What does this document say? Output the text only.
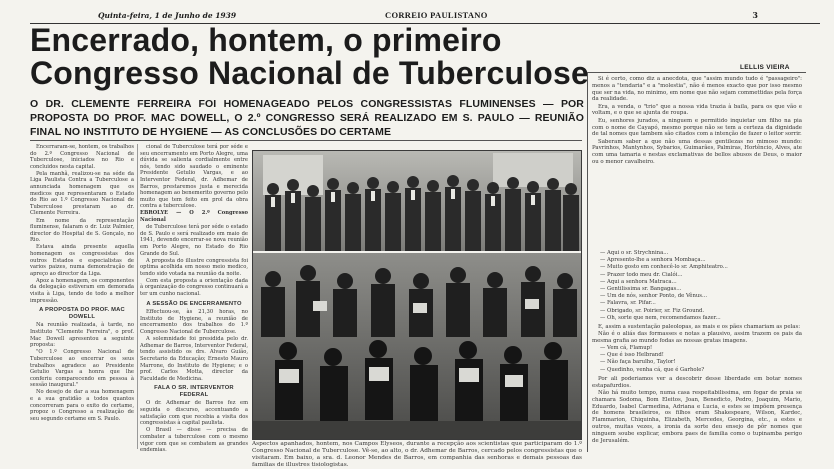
Quinta-feira, 1 de Junho de 1939	CORREIO PAULISTANO	3
Encerrado, hontem, o primeiro Congresso Nacional de Tuberculose
O DR. CLEMENTE FERREIRA FOI HOMENAGEADO PELOS CONGRESSISTAS FLUMINENSES — POR PROPOSTA DO PROF. MAC DOWELL, O 2.º CONGRESSO SERÁ REALIZADO EM S. PAULO — REUNIÃO FINAL NO INSTITUTO DE HYGIENE — AS CONCLUSÕES DO CERTAME

Encerraram-se, hontem, os trabalhos do 2.º Congresso Nacional de Tuberculose, iniciados no Rio e concluidos nesta capital.

Pela manhã, realizou-se na séde da Liga Paulista Contra a Tuberculose a annunciada homenagem que os medicos que representaram o Estado do Rio ao 1.º Congresso Nacional de Tuberculose prestaram ao dr. Clemente Ferreira.

Em nome da representação fluminense, falaram o dr. Luiz Palmier, director do Hospital de S. Gonçalo, no Rio.

Estava ainda presente aquella homenagem os congressistas dos outros Estados e especialistas de varios paizes, numa demonstração de apreço ao director da Liga.

Apoz a homenagem, os componentes da delegação estiveram em demorada visita à Liga, tendo de todo a melhor impressão.

A PROPOSTA DO PROF. MAC DOWELL

Na reunião realizada, à tarde, no Instituto "Clemente Ferreira", o prof. Mac Dowell apresentou a seguinte proposta:

"O 1.º Congresso Nacional de Tuberculose ao encerrar os seus trabalhos agradece ao Presidente Getulio Vargas a honra que lhe conferiu comparecendo em pessoa à sessão inaugural."

No desejo de dar a sua homenagem e a sua gratidão a todos quantos concorreram para o exito do certame, propoz o Congresso a realização de seu segundo certame em S. Paulo.

cional de Tuberculose terá por séde e seu encerramento em Porto Alegre, uma dúvida se salienta cordialmente entre nós, tendo sido saudado o eminente Presidente Getulio Vargas, e ao Interventor Federal, dr. Adhemar de Barros, prestaremos justa e merecida homenagem ao benemerito governo pelo muito que tem feito em prol da obra contra a tuberculose.

EBROLYE — O 2.º Congresso Nacional

de Tuberculose terá por séde o estado de S. Paulo e será realizado em maio de 1941, devendo encerrar-se nova reunião em Porto Alegre, no Estado do Rio Grande do Sul.

A proposta do illustre congressista foi optima acolhida em nosso meio medico, tendo sido votada na reunião da noite.

Com esta proposta a orientação dada à organização do congresso continuará a ter um cunho nacional.

A SESSÃO DE ENCERRAMENTO

Effectuou-se, às 21,30 horas, no Instituto de Hygiene, a reunião de encerramento dos trabalhos do 1.º Congresso Nacional de Tuberculose.

A solemnidade foi presidida pelo dr. Adhemar de Barros, Interventor Federal, tendo assistido os drs. Alvaro Guião, Secretario da Educação; Ernesto Mauro Marrone, do Instituto de Hygiene; e o prof. Carlos Motta, director da Faculdade de Medicina.

FALA O SR. INTERVENTOR FEDERAL

O dr. Adhemar de Barros fez em seguida o discurso, accentuando a satisfação com que recebia a visita dos congressistas à capital paulista.

O Brasil — disse — precisa de combater a tuberculose com o mesmo vigor com que se combatem as grandes endemias.

Aspectos apanhados, hontem, nos Campos Elyseos, durante a recepção aos scientistas que participaram do 1.º Congresso Nacional de Tuberculose. Vê-se, ao alto, o dr. Adhemar de Barros, cercado pelos congressistas que o visitaram. Em baixo, a sra. d. Leonor Mendes de Barros, em companhia das senhoras e demais pessoas das familias de illustres tisiologistas.
LELLIS VIEIRA

Si é certo, como diz a anecdota, que "assim mundo tudo é "passageiro": menos a "tendaria" e a "molestia", não é menos exacto que por isso mesmo que ser na vida, no minimo, em nome que não sejam commettidas pela força da realidade.

Era, a venda, o "trio" que a nossa vida trazia à baila, para os que vão e voltam, e o que se ajunta de roupa.

Eu, senhores jurados, a ninguem e permitido inquietar um filho na pia com o nome de Cayapó, mesmo porque não se tem a certeza da dignidade de tal nomes que tambem são citados com a intenção de fazer o leitor sorrir.

Saberam saber a que não uma dessas gentilezas no mimoso mundo: Pavrinhos, Mantynhos, Sybarios, Guimarães, Palmiras, Hortêncio, Alves, ate com uma tamaria e nestas exclamativas de bellos abusos de Deus, o maior ou o menor cavalheiro.

— Aqui o sr. Strychnina...
— Apresento-lhe a senhora Mombaça...
— Muito gosto em conhecê-lo sr. Amphiteatro...
— Prazer todo meu dr. Cialói...
— Aqui a senhora Matraca...
— Gentilissima sr. Bangagas...
— Um de nós, senhor Ponto, de Vênus...
— Falavra, sr. Pifar...
— Obrigado, sr. Poirier, sr. Fiz Ground.
— Oh, sorte que nem, recomendamos fazer...

E, assim a sustentação paleolopas, as mais e os pães chamariam as pelas:

Não é o aliás das formasses e notas a plausivo, assim trazem os pais da mesma grafia ao mundo fodas as nossas gratas imagens.

— Vem cá, Flamup!
— Que é isso Helbrand!
— Não faça barulho, Taylor!
— Quedinho, venha cá, que é Garhole?

Por ali poderiamos ver a descobrir desse liberdade em botar nomes estapafurdios.

Não há muito tempo, numa casa respeitabilissima, em fogar de praia se chamara Sodoma, Bom Eleitos, Joan, Benedicto, Pedro, Joaquim, Mario, Eduardo, Isabel Carmedina, Adriana e Lucia, e estes se impõem presença de homens brasileiros, os filhos eram Shakespeare, Wilson, Kardec, Flammarion, Chiquinha, Elizabeth, Mercedes, Georgina, etc., a estes e outros, muitas vezes, a ironia da sorte deu ensejo de pôr nomes que ninguem soube explicar, embora paes de familia como o tupinamba perigo de Jerusalém.
